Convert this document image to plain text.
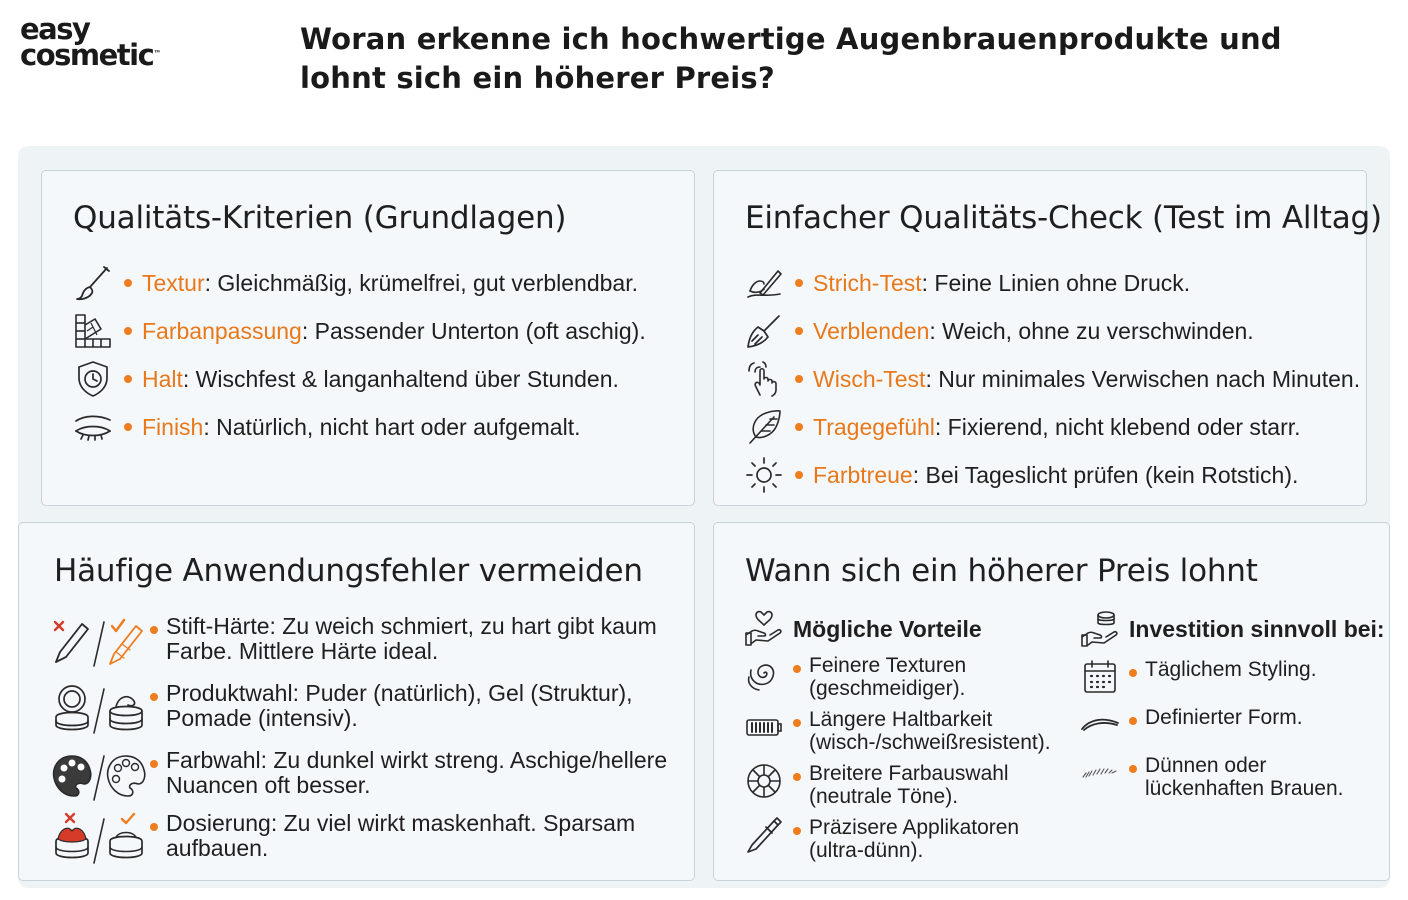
easy
cosmetic™	Woran erkenne ich hochwertige Augenbrauenprodukte und lohnt sich ein höherer Preis?
Qualitäts-Kriterien (Grundlagen)
Textur: Gleichmäßig, krümelfrei, gut verblendbar.
Farbanpassung: Passender Unterton (oft aschig).
Halt: Wischfest & langanhaltend über Stunden.
Finish: Natürlich, nicht hart oder aufgemalt.
Einfacher Qualitäts-Check (Test im Alltag)
Strich-Test: Feine Linien ohne Druck.
Verblenden: Weich, ohne zu verschwinden.
Wisch-Test: Nur minimales Verwischen nach Minuten.
Tragegefühl: Fixierend, nicht klebend oder starr.
Farbtreue: Bei Tageslicht prüfen (kein Rotstich).
Häufige Anwendungsfehler vermeiden
Stift-Härte: Zu weich schmiert, zu hart gibt kaum
Farbe. Mittlere Härte ideal.
Produktwahl: Puder (natürlich), Gel (Struktur),
Pomade (intensiv).
Farbwahl: Zu dunkel wirkt streng. Aschige/hellere
Nuancen oft besser.
Dosierung: Zu viel wirkt maskenhaft. Sparsam
aufbauen.
Wann sich ein höherer Preis lohnt
Mögliche Vorteile
Feinere Texturen
(geschmeidiger).
Längere Haltbarkeit
(wisch-/schweißresistent).
Breitere Farbauswahl
(neutrale Töne).
Präzisere Applikatoren
(ultra-dünn).
Investition sinnvoll bei:
Täglichem Styling.
Definierter Form.
Dünnen oder
lückenhaften Brauen.
